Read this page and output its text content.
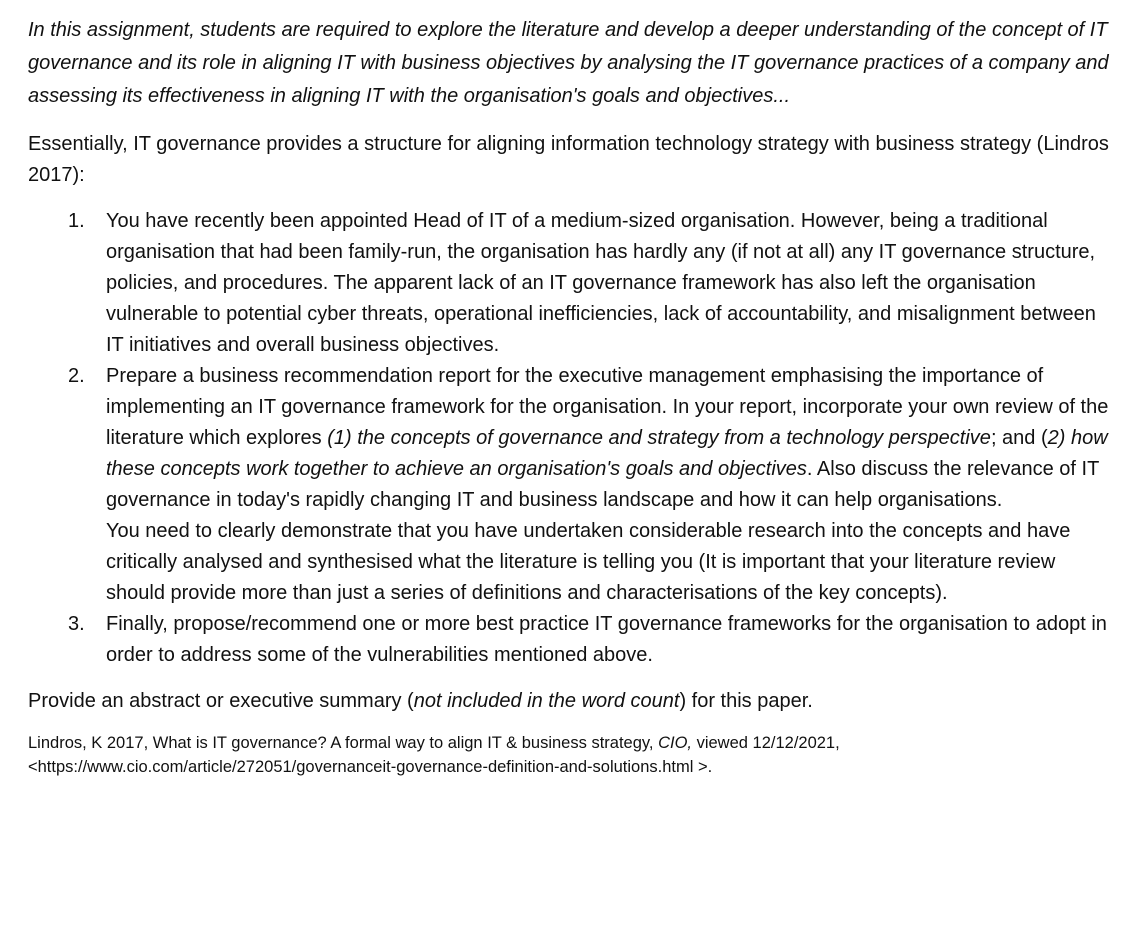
In this assignment, students are required to explore the literature and develop a deeper understanding of the concept of IT governance and its role in aligning IT with business objectives by analysing the IT governance practices of a company and assessing its effectiveness in aligning IT with the organisation's goals and objectives...

Essentially, IT governance provides a structure for aligning information technology strategy with business strategy (Lindros 2017):

1. You have recently been appointed Head of IT of a medium-sized organisation. However, being a traditional organisation that had been family-run, the organisation has hardly any (if not at all) any IT governance structure, policies, and procedures. The apparent lack of an IT governance framework has also left the organisation vulnerable to potential cyber threats, operational inefficiencies, lack of accountability, and misalignment between IT initiatives and overall business objectives.
2. Prepare a business recommendation report for the executive management emphasising the importance of implementing an IT governance framework for the organisation. In your report, incorporate your own review of the literature which explores (1) the concepts of governance and strategy from a technology perspective; and (2) how these concepts work together to achieve an organisation's goals and objectives. Also discuss the relevance of IT governance in today's rapidly changing IT and business landscape and how it can help organisations.
You need to clearly demonstrate that you have undertaken considerable research into the concepts and have critically analysed and synthesised what the literature is telling you (It is important that your literature review should provide more than just a series of definitions and characterisations of the key concepts).
3. Finally, propose/recommend one or more best practice IT governance frameworks for the organisation to adopt in order to address some of the vulnerabilities mentioned above.

Provide an abstract or executive summary (not included in the word count) for this paper.

Lindros, K 2017, What is IT governance? A formal way to align IT & business strategy, CIO, viewed 12/12/2021,
<https://www.cio.com/article/272051/governanceit-governance-definition-and-solutions.html >.
